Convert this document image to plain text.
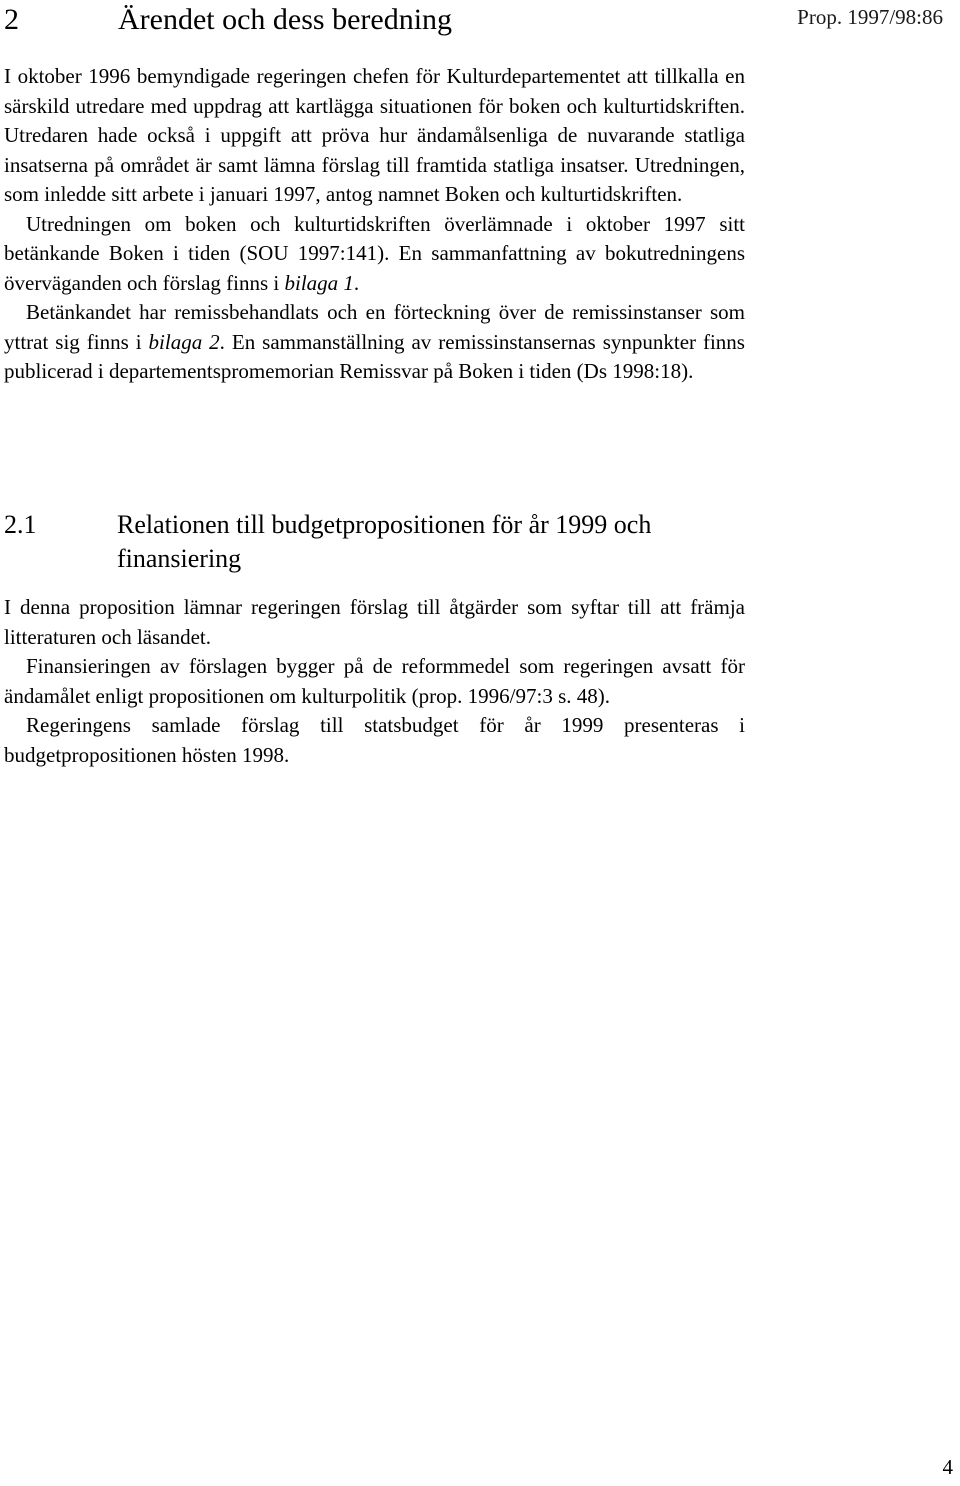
Prop. 1997/98:86
2	Ärendet och dess beredning

I oktober 1996 bemyndigade regeringen chefen för Kulturdepartementet att tillkalla en särskild utredare med uppdrag att kartlägga situationen för boken och kulturtidskriften. Utredaren hade också i uppgift att pröva hur ändamålsenliga de nuvarande statliga insatserna på området är samt lämna förslag till framtida statliga insatser. Utredningen, som inledde sitt arbete i januari 1997, antog namnet Boken och kulturtidskriften.

Utredningen om boken och kulturtidskriften överlämnade i oktober 1997 sitt betänkande Boken i tiden (SOU 1997:141). En sammanfattning av bokutredningens överväganden och förslag finns i bilaga 1.

Betänkandet har remissbehandlats och en förteckning över de remissinstanser som yttrat sig finns i bilaga 2. En sammanställning av remissinstansernas synpunkter finns publicerad i departementspromemorian Remissvar på Boken i tiden (Ds 1998:18).

2.1	Relationen till budgetpropositionen för år 1999 och finansiering

I denna proposition lämnar regeringen förslag till åtgärder som syftar till att främja litteraturen och läsandet.

Finansieringen av förslagen bygger på de reformmedel som regeringen avsatt för ändamålet enligt propositionen om kulturpolitik (prop. 1996/97:3 s. 48).

Regeringens samlade förslag till statsbudget för år 1999 presenteras i budgetpropositionen hösten 1998.

4
